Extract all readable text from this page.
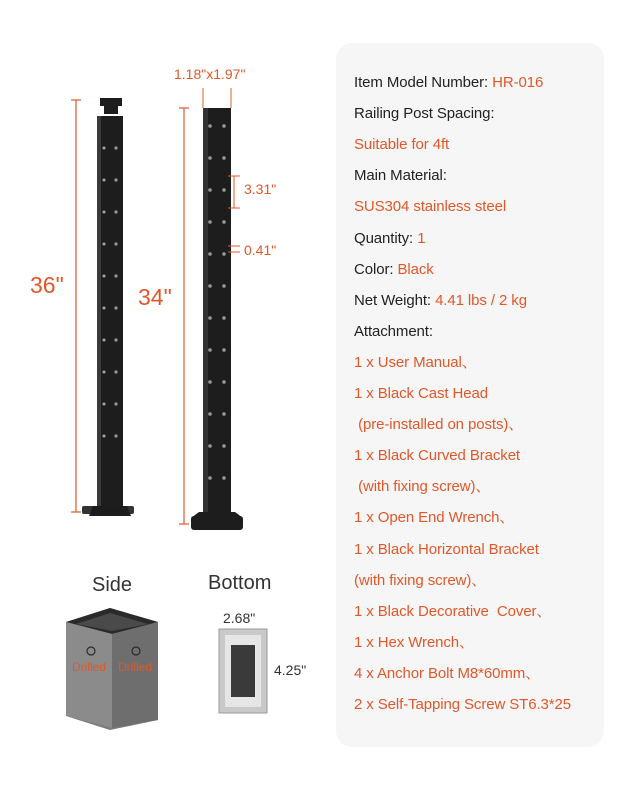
36"	34"
1.18"x1.97"
3.31"
0.41"
Side	Bottom
Drilled Drilled
2.68"
4.25"
Item Model Number: HR-016
Railing Post Spacing:
Suitable for 4ft
Main Material:
SUS304 stainless steel
Quantity: 1
Color: Black
Net Weight: 4.41 lbs / 2 kg
Attachment:
1 x User Manual、
1 x Black Cast Head
(pre-installed on posts)、
1 x Black Curved Bracket
(with fixing screw)、
1 x Open End Wrench、
1 x Black Horizontal Bracket
(with fixing screw)、
1 x Black Decorative  Cover、
1 x Hex Wrench、
4 x Anchor Bolt M8*60mm、
2 x Self-Tapping Screw ST6.3*25
